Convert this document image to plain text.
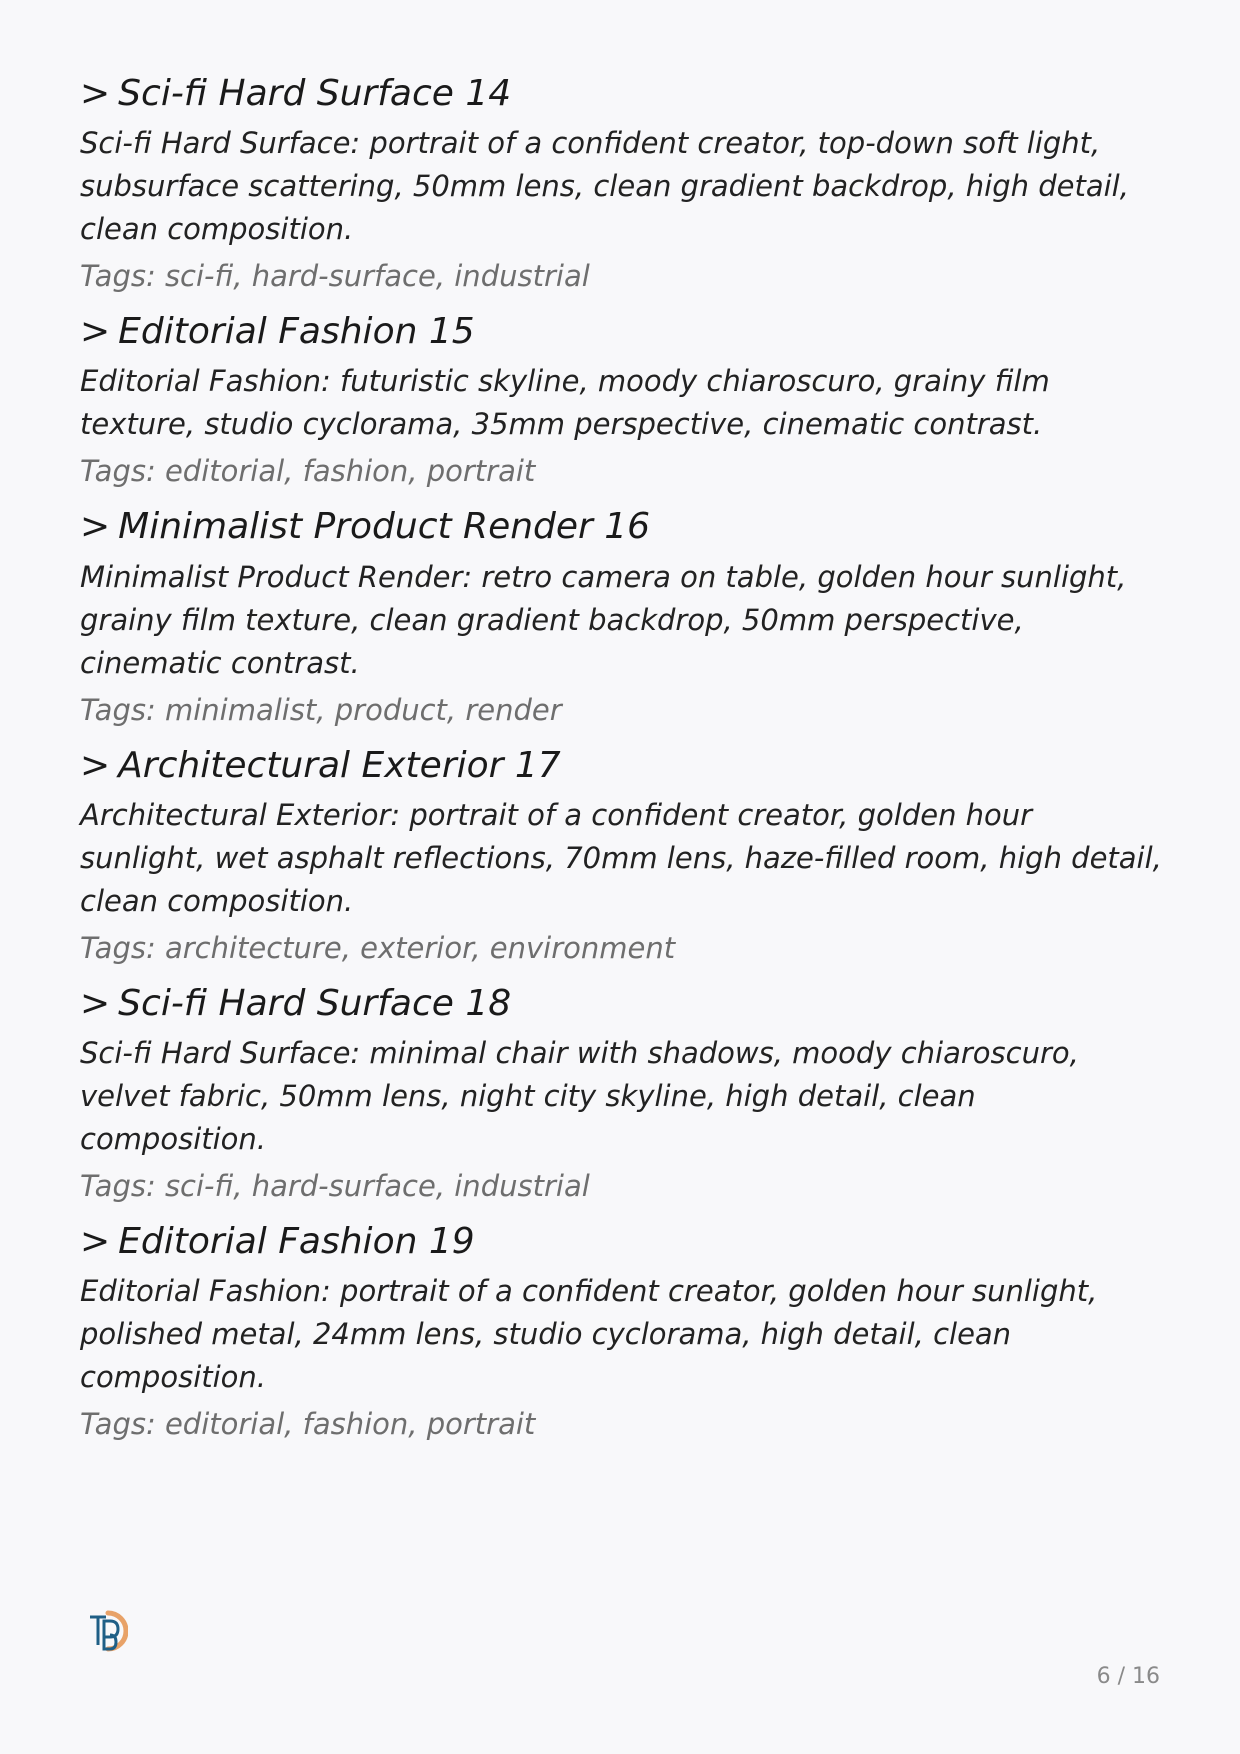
> Sci-fi Hard Surface 14

Sci-fi Hard Surface: portrait of a confident creator, top-down soft light, subsurface scattering, 50mm lens, clean gradient backdrop, high detail, clean composition.

Tags: sci-fi, hard-surface, industrial

> Editorial Fashion 15

Editorial Fashion: futuristic skyline, moody chiaroscuro, grainy film texture, studio cyclorama, 35mm perspective, cinematic contrast.

Tags: editorial, fashion, portrait

> Minimalist Product Render 16

Minimalist Product Render: retro camera on table, golden hour sunlight, grainy film texture, clean gradient backdrop, 50mm perspective, cinematic contrast.

Tags: minimalist, product, render

> Architectural Exterior 17

Architectural Exterior: portrait of a confident creator, golden hour sunlight, wet asphalt reflections, 70mm lens, haze-filled room, high detail, clean composition.

Tags: architecture, exterior, environment

> Sci-fi Hard Surface 18

Sci-fi Hard Surface: minimal chair with shadows, moody chiaroscuro, velvet fabric, 50mm lens, night city skyline, high detail, clean composition.

Tags: sci-fi, hard-surface, industrial

> Editorial Fashion 19

Editorial Fashion: portrait of a confident creator, golden hour sunlight, polished metal, 24mm lens, studio cyclorama, high detail, clean composition.

Tags: editorial, fashion, portrait

6 / 16
